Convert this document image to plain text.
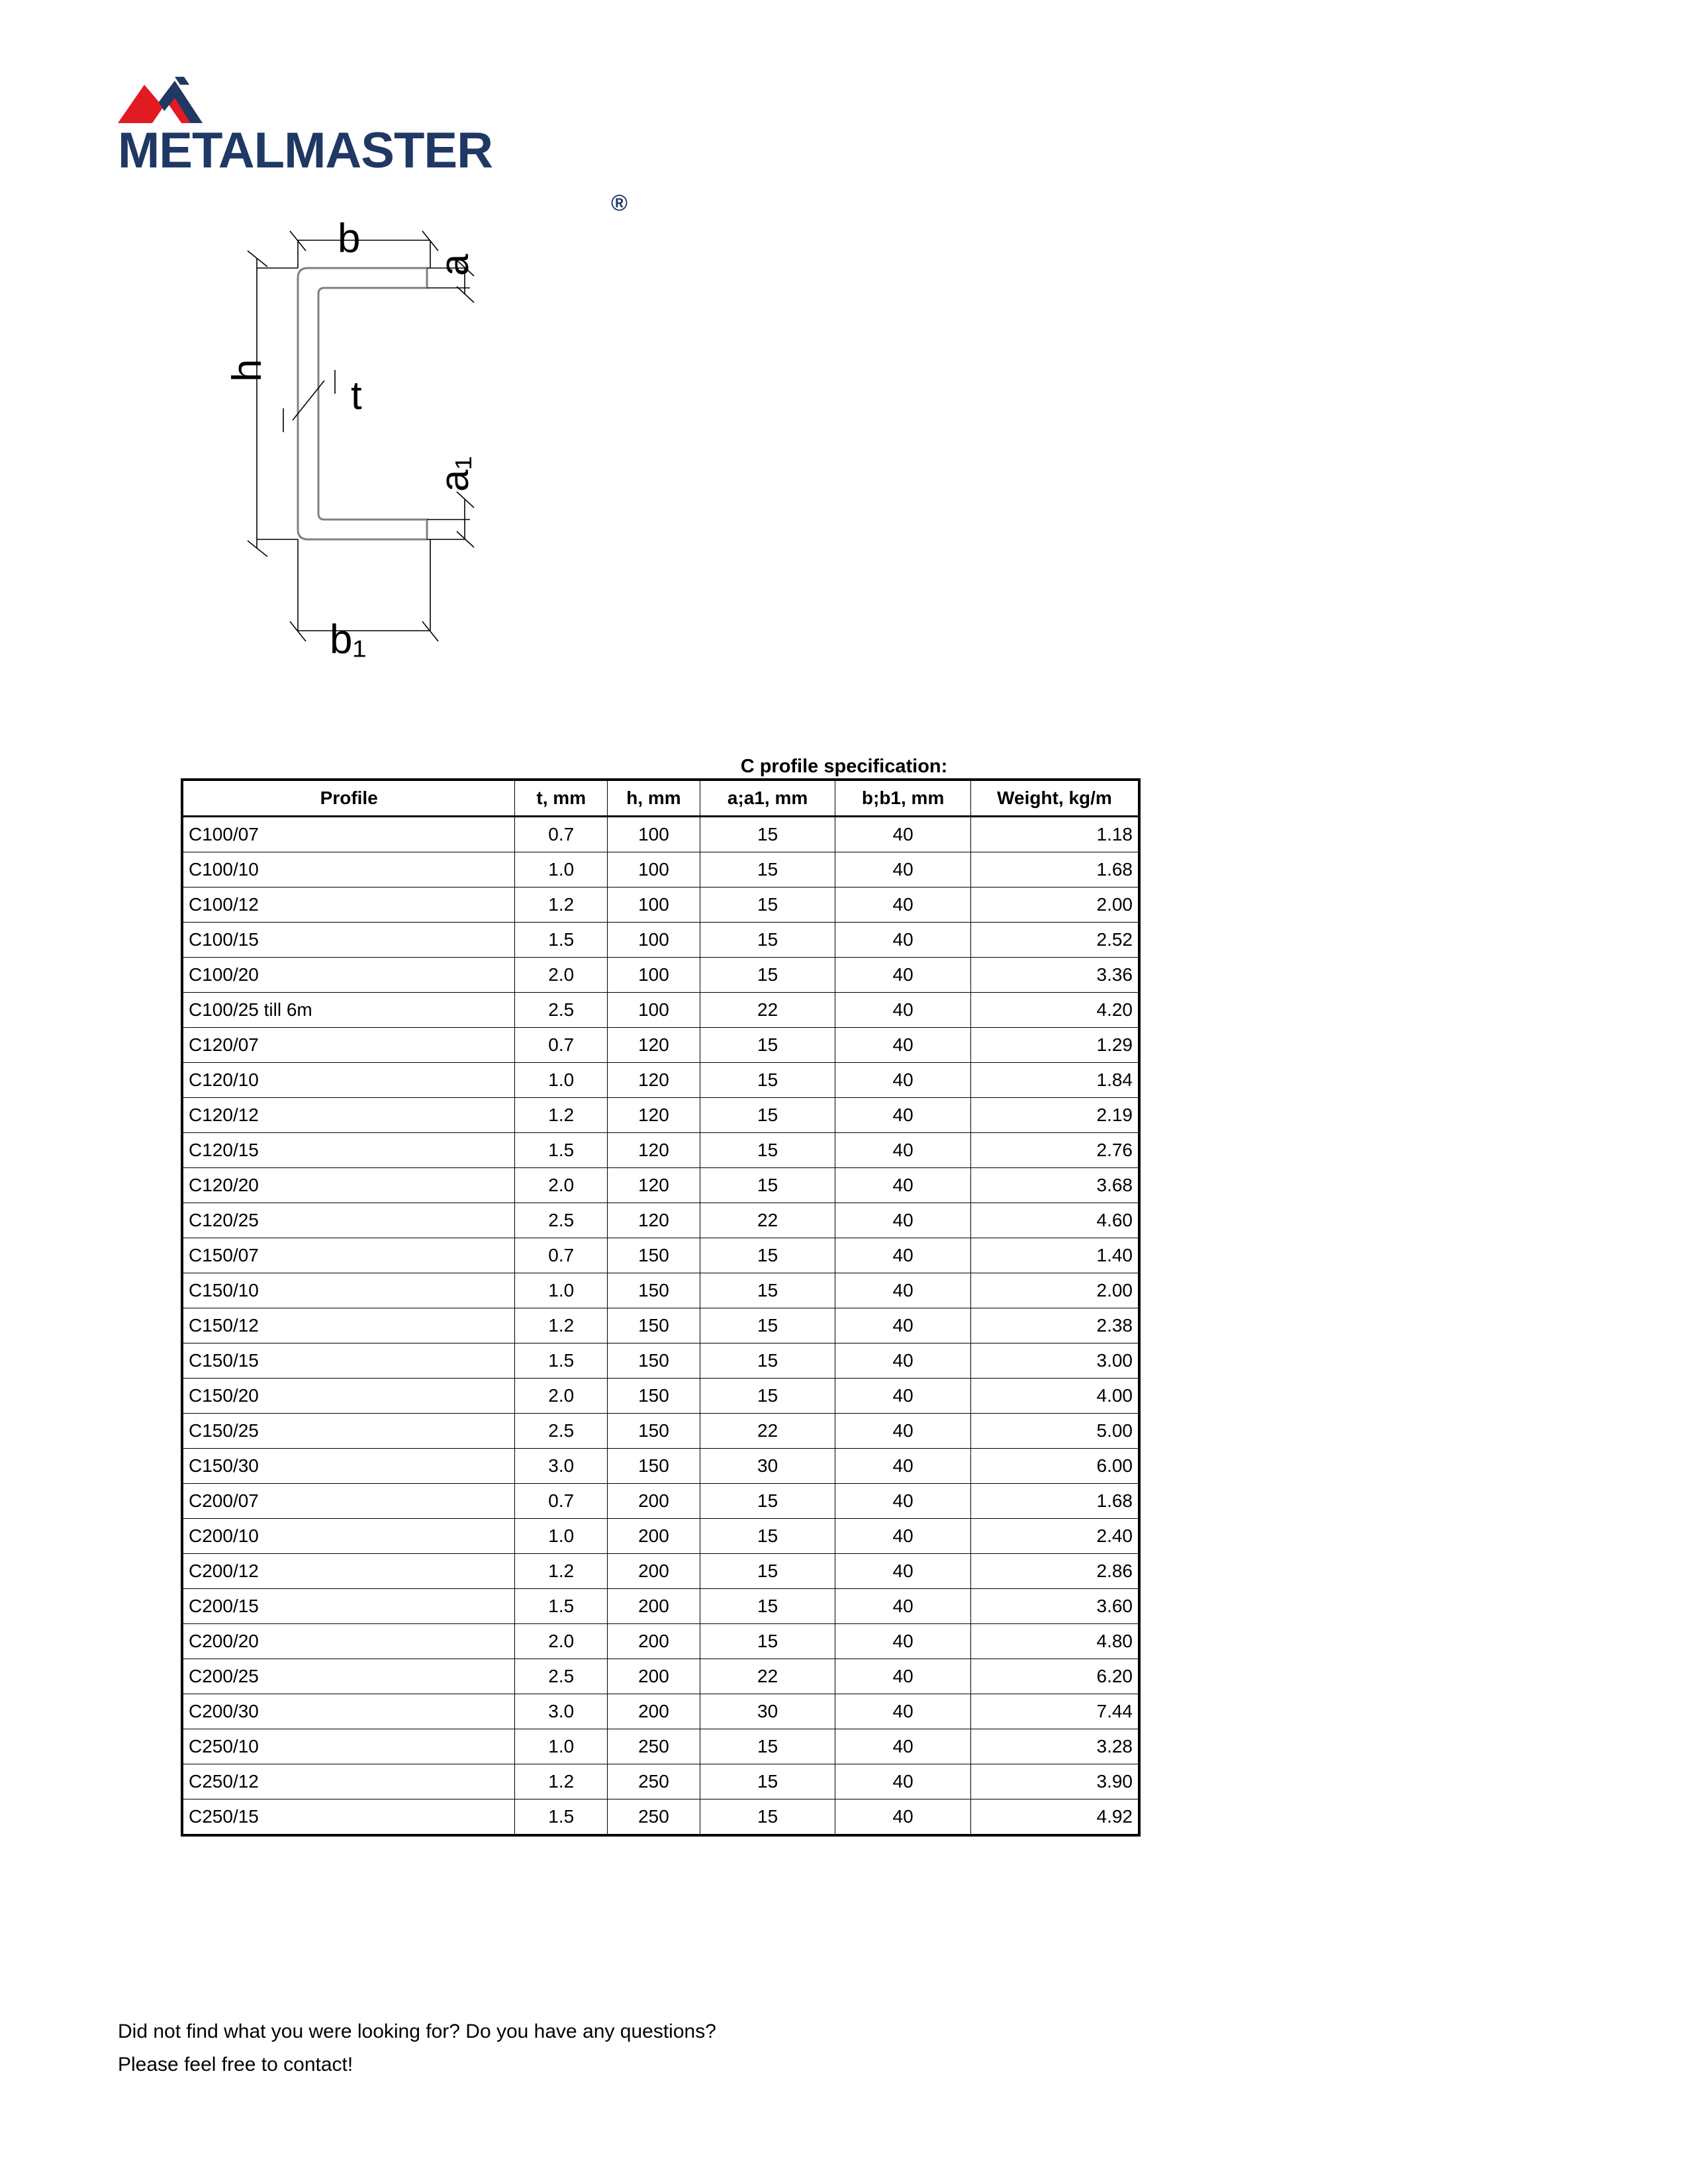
METALMASTER
®
b
b₁
h
t
a
a₁
C profile specification:
Profile	t, mm	h, mm	a;a1, mm	b;b1, mm	Weight, kg/m
C100/07	0.7	100	15	40	1.18
C100/10	1.0	100	15	40	1.68
C100/12	1.2	100	15	40	2.00
C100/15	1.5	100	15	40	2.52
C100/20	2.0	100	15	40	3.36
C100/25 till 6m	2.5	100	22	40	4.20
C120/07	0.7	120	15	40	1.29
C120/10	1.0	120	15	40	1.84
C120/12	1.2	120	15	40	2.19
C120/15	1.5	120	15	40	2.76
C120/20	2.0	120	15	40	3.68
C120/25	2.5	120	22	40	4.60
C150/07	0.7	150	15	40	1.40
C150/10	1.0	150	15	40	2.00
C150/12	1.2	150	15	40	2.38
C150/15	1.5	150	15	40	3.00
C150/20	2.0	150	15	40	4.00
C150/25	2.5	150	22	40	5.00
C150/30	3.0	150	30	40	6.00
C200/07	0.7	200	15	40	1.68
C200/10	1.0	200	15	40	2.40
C200/12	1.2	200	15	40	2.86
C200/15	1.5	200	15	40	3.60
C200/20	2.0	200	15	40	4.80
C200/25	2.5	200	22	40	6.20
C200/30	3.0	200	30	40	7.44
C250/10	1.0	250	15	40	3.28
C250/12	1.2	250	15	40	3.90
C250/15	1.5	250	15	40	4.92
Did not find what you were looking for? Do you have any questions?
Please feel free to contact!
